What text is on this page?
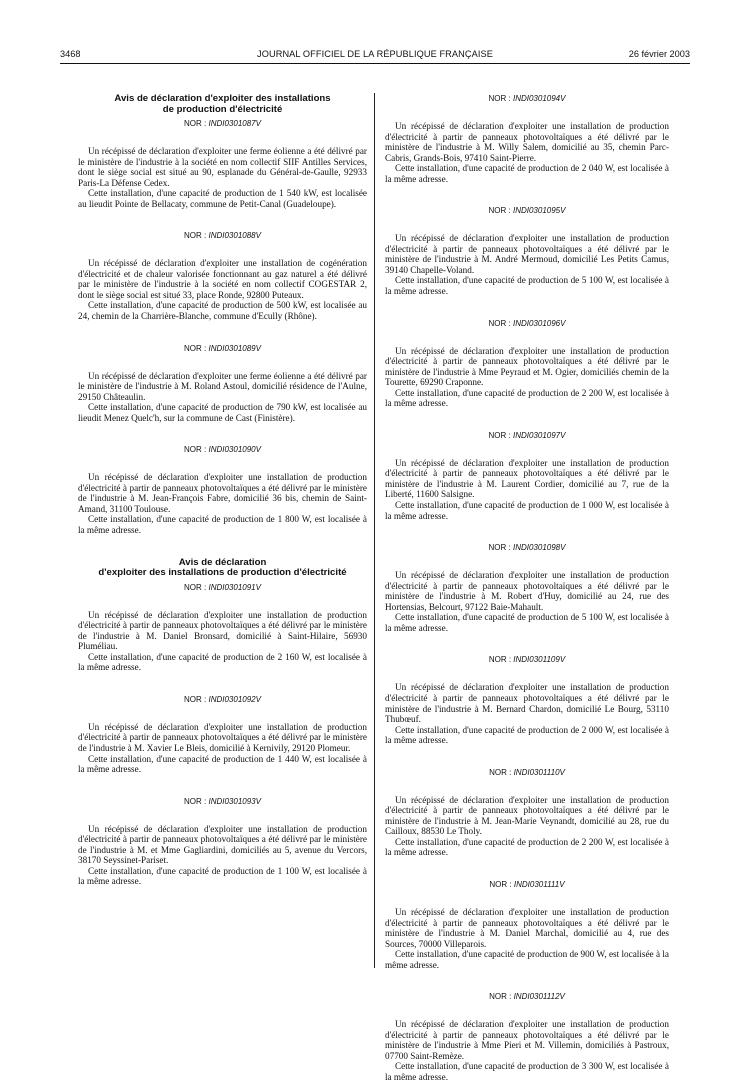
3468	JOURNAL OFFICIEL DE LA RÉPUBLIQUE FRANÇAISE	26 février 2003
Avis de déclaration d'exploiter des installations
de production d'électricité
NOR : INDI0301087V

Un récépissé de déclaration d'exploiter une ferme éolienne a été délivré par le ministère de l'industrie à la société en nom collectif SIIF Antilles Services, dont le siège social est situé au 90, esplanade du Général-de-Gaulle, 92933 Paris-La Défense Cedex.

Cette installation, d'une capacité de production de 1 540 kW, est localisée au lieudit Pointe de Bellacaty, commune de Petit-Canal (Guadeloupe).

NOR : INDI0301088V

Un récépissé de déclaration d'exploiter une installation de cogénération d'électricité et de chaleur valorisée fonctionnant au gaz naturel a été délivré par le ministère de l'industrie à la société en nom collectif COGESTAR 2, dont le siège social est situé 33, place Ronde, 92800 Puteaux.

Cette installation, d'une capacité de production de 500 kW, est localisée au 24, chemin de la Charrière-Blanche, commune d'Ecully (Rhône).

NOR : INDI0301089V

Un récépissé de déclaration d'exploiter une ferme éolienne a été délivré par le ministère de l'industrie à M. Roland Astoul, domicilié résidence de l'Aulne, 29150 Châteaulin.

Cette installation, d'une capacité de production de 790 kW, est localisée au lieudit Menez Quelc'h, sur la commune de Cast (Finistère).

NOR : INDI0301090V

Un récépissé de déclaration d'exploiter une installation de production d'électricité à partir de panneaux photovoltaïques a été délivré par le ministère de l'industrie à M. Jean-François Fabre, domicilié 36 bis, chemin de Saint-Amand, 31100 Toulouse.

Cette installation, d'une capacité de production de 1 800 W, est localisée à la même adresse.

Avis de déclaration
d'exploiter des installations de production d'électricité
NOR : INDI0301091V

Un récépissé de déclaration d'exploiter une installation de production d'électricité à partir de panneaux photovoltaïques a été délivré par le ministère de l'industrie à M. Daniel Bronsard, domicilié à Saint-Hilaire, 56930 Pluméliau.

Cette installation, d'une capacité de production de 2 160 W, est localisée à la même adresse.

NOR : INDI0301092V

Un récépissé de déclaration d'exploiter une installation de production d'électricité à partir de panneaux photovoltaïques a été délivré par le ministère de l'industrie à M. Xavier Le Bleis, domicilié à Kernivily, 29120 Plomeur.

Cette installation, d'une capacité de production de 1 440 W, est localisée à la même adresse.

NOR : INDI0301093V

Un récépissé de déclaration d'exploiter une installation de production d'électricité à partir de panneaux photovoltaïques a été délivré par le ministère de l'industrie à M. et Mme Gagliardini, domiciliés au 5, avenue du Vercors, 38170 Seyssinet-Pariset.

Cette installation, d'une capacité de production de 1 100 W, est localisée à la même adresse.

NOR : INDI0301094V

Un récépissé de déclaration d'exploiter une installation de production d'électricité à partir de panneaux photovoltaïques a été délivré par le ministère de l'industrie à M. Willy Salem, domicilié au 35, chemin Parc-Cabris, Grands-Bois, 97410 Saint-Pierre.

Cette installation, d'une capacité de production de 2 040 W, est localisée à la même adresse.

NOR : INDI0301095V

Un récépissé de déclaration d'exploiter une installation de production d'électricité à partir de panneaux photovoltaïques a été délivré par le ministère de l'industrie à M. André Mermoud, domicilié Les Petits Camus, 39140 Chapelle-Voland.

Cette installation, d'une capacité de production de 5 100 W, est localisée à la même adresse.

NOR : INDI0301096V

Un récépissé de déclaration d'exploiter une installation de production d'électricité à partir de panneaux photovoltaïques a été délivré par le ministère de l'industrie à Mme Peyraud et M. Ogier, domiciliés chemin de la Tourette, 69290 Craponne.

Cette installation, d'une capacité de production de 2 200 W, est localisée à la même adresse.

NOR : INDI0301097V

Un récépissé de déclaration d'exploiter une installation de production d'électricité à partir de panneaux photovoltaïques a été délivré par le ministère de l'industrie à M. Laurent Cordier, domicilié au 7, rue de la Liberté, 11600 Salsigne.

Cette installation, d'une capacité de production de 1 000 W, est localisée à la même adresse.

NOR : INDI0301098V

Un récépissé de déclaration d'exploiter une installation de production d'électricité à partir de panneaux photovoltaïques a été délivré par le ministère de l'industrie à M. Robert d'Huy, domicilié au 24, rue des Hortensias, Belcourt, 97122 Baie-Mahault.

Cette installation, d'une capacité de production de 5 100 W, est localisée à la même adresse.

NOR : INDI0301109V

Un récépissé de déclaration d'exploiter une installation de production d'électricité à partir de panneaux photovoltaïques a été délivré par le ministère de l'industrie à M. Bernard Chardon, domicilié Le Bourg, 53110 Thubœuf.

Cette installation, d'une capacité de production de 2 000 W, est localisée à la même adresse.

NOR : INDI0301110V

Un récépissé de déclaration d'exploiter une installation de production d'électricité à partir de panneaux photovoltaïques a été délivré par le ministère de l'industrie à M. Jean-Marie Veynandt, domicilié au 28, rue du Cailloux, 88530 Le Tholy.

Cette installation, d'une capacité de production de 2 200 W, est localisée à la même adresse.

NOR : INDI0301111V

Un récépissé de déclaration d'exploiter une installation de production d'électricité à partir de panneaux photovoltaïques a été délivré par le ministère de l'industrie à M. Daniel Marchal, domicilié au 4, rue des Sources, 70000 Villeparois.

Cette installation, d'une capacité de production de 900 W, est localisée à la même adresse.

NOR : INDI0301112V

Un récépissé de déclaration d'exploiter une installation de production d'électricité à partir de panneaux photovoltaïques a été délivré par le ministère de l'industrie à Mme Pieri et M. Villemin, domiciliés à Pastroux, 07700 Saint-Remèze.

Cette installation, d'une capacité de production de 3 300 W, est localisée à la même adresse.
